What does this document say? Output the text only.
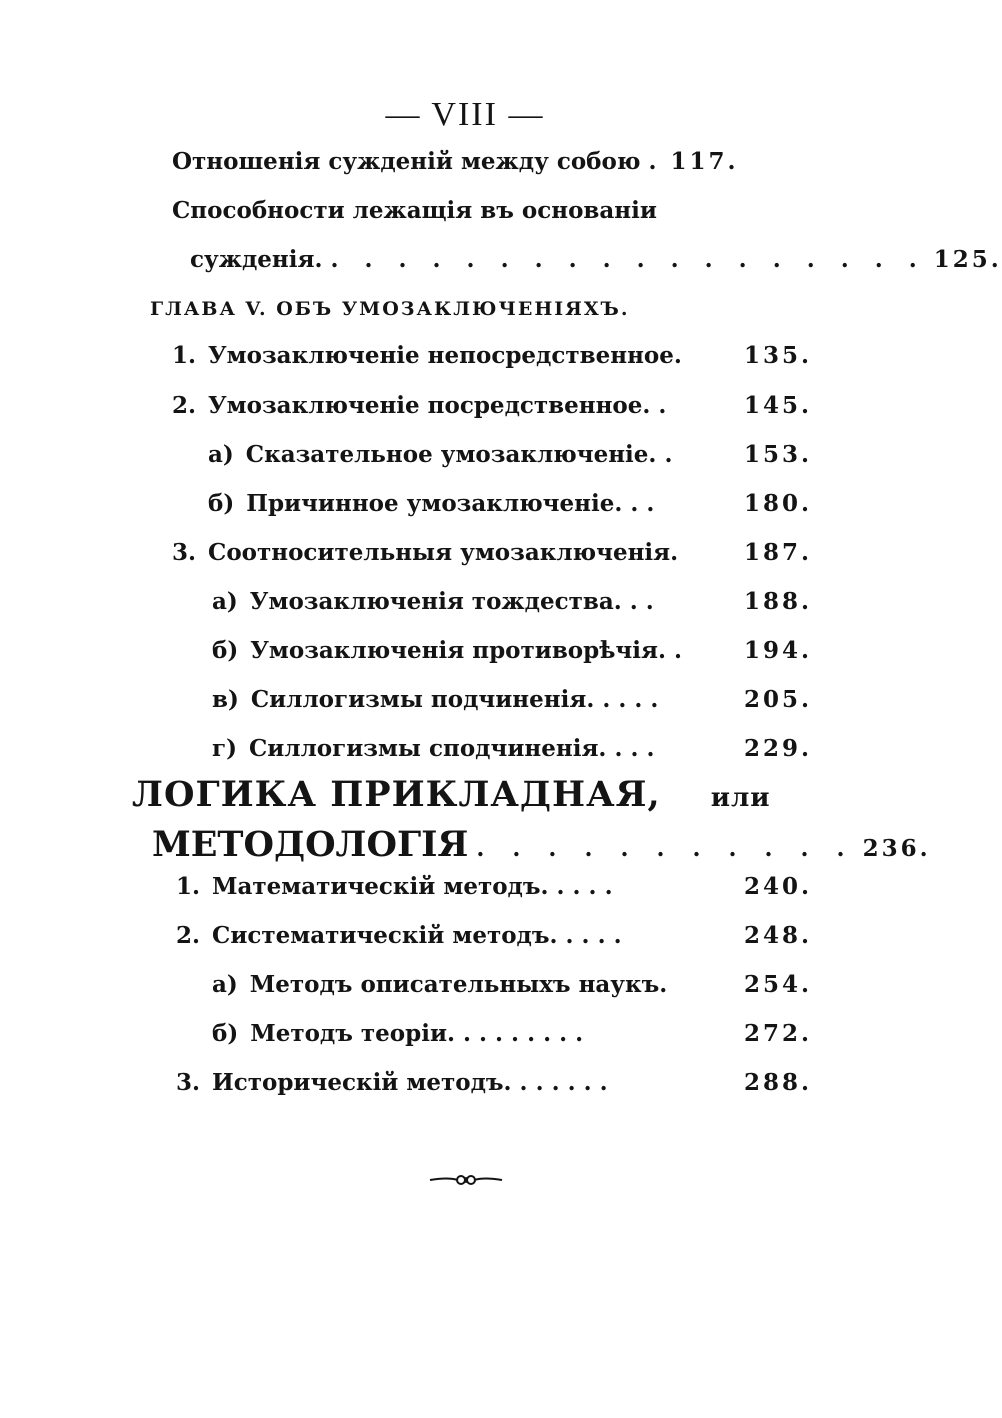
— VIII —
Отношенія сужденій между собою . 117.
Способности лежащія въ основаніи
сужденія. . . . . . . . . . . . . . . . . . . 125.
ГЛАВА V. ОБЪ УМОЗАКЛЮЧЕНІЯХЪ.
1. Умозаключеніе непосредственное.	135.
2. Умозаключеніе посредственное. .	145.
а) Сказательное умозаключеніе. .	153.
б) Причинное умозаключеніе. . .	180.
3. Соотносительныя умозаключенія.	187.
а) Умозаключенія тождества. . .	188.
б) Умозаключенія противорѣчія. .	194.
в) Силлогизмы подчиненія. . . . .	205.
г) Силлогизмы сподчиненія. . . .	229.
ЛОГИКА ПРИКЛАДНАЯ, или
МЕТОДОЛОГІЯ . . . . . . . . . . . 236.
1. Математическій методъ. . . . .	240.
2. Систематическій методъ. . . . .	248.
а) Методъ описательныхъ наукъ.	254.
б) Методъ теоріи. . . . . . . . .	272.
3. Историческій методъ. . . . . . .	288.
